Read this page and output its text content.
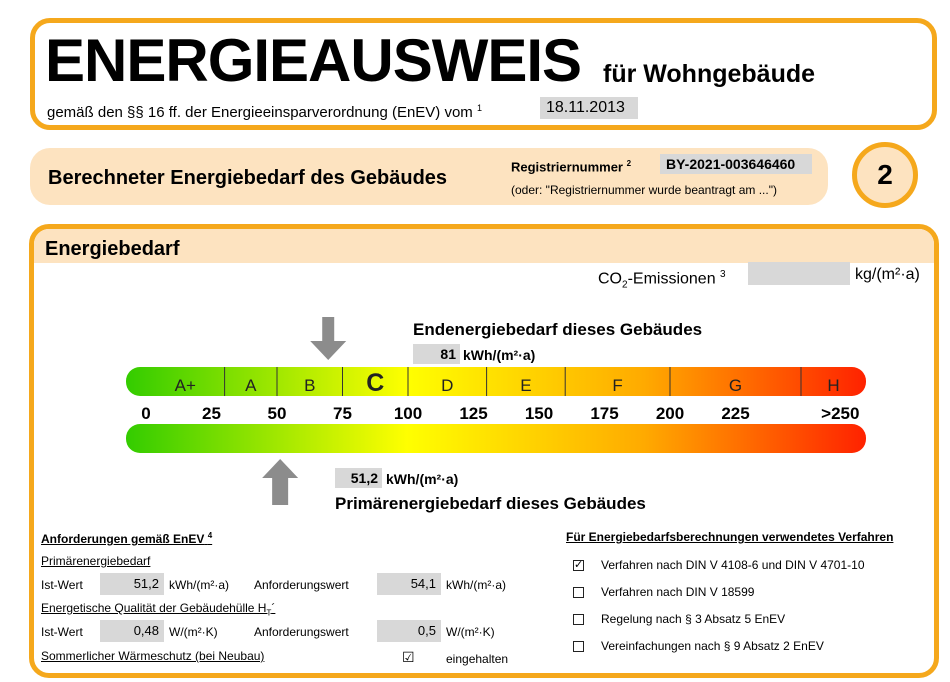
ENERGIEAUSWEIS für Wohngebäude
gemäß den §§ 16 ff. der Energieeinsparverordnung (EnEV) vom $^1$	18.11.2013
Berechneter Energiebedarf des Gebäudes
Registriernummer $^2$	BY-2021-003646460
(oder: "Registriernummer wurde beantragt am ...")	2
Energiebedarf
$CO_2$-Emissionen $^3$	kg/(m²·a)
A+	A	B C	D	E	F	G	H
0	25	50	75 100 125 150 175 200 225	>250
Endenergiebedarf dieses Gebäudes
81 kWh/(m²·a)
51,2 kWh/(m²·a)
Primärenergiebedarf dieses Gebäudes
Anforderungen gemäß EnEV $^4$
Primärenergiebedarf
Ist-Wert	51,2 kWh/(m²·a) Anforderungswert	54,1 kWh/(m²·a)
Energetische Qualität der Gebäudehülle $H_T´$
Ist-Wert	0,48 W/(m²·K)	Anforderungswert	0,5 W/(m²·K)
Sommerlicher Wärmeschutz (bei Neubau)	☑	eingehalten
Für Energiebedarfsberechnungen verwendetes Verfahren
✓ Verfahren nach DIN V 4108-6 und DIN V 4701-10
Verfahren nach DIN V 18599
Regelung nach § 3 Absatz 5 EnEV
Vereinfachungen nach § 9 Absatz 2 EnEV
